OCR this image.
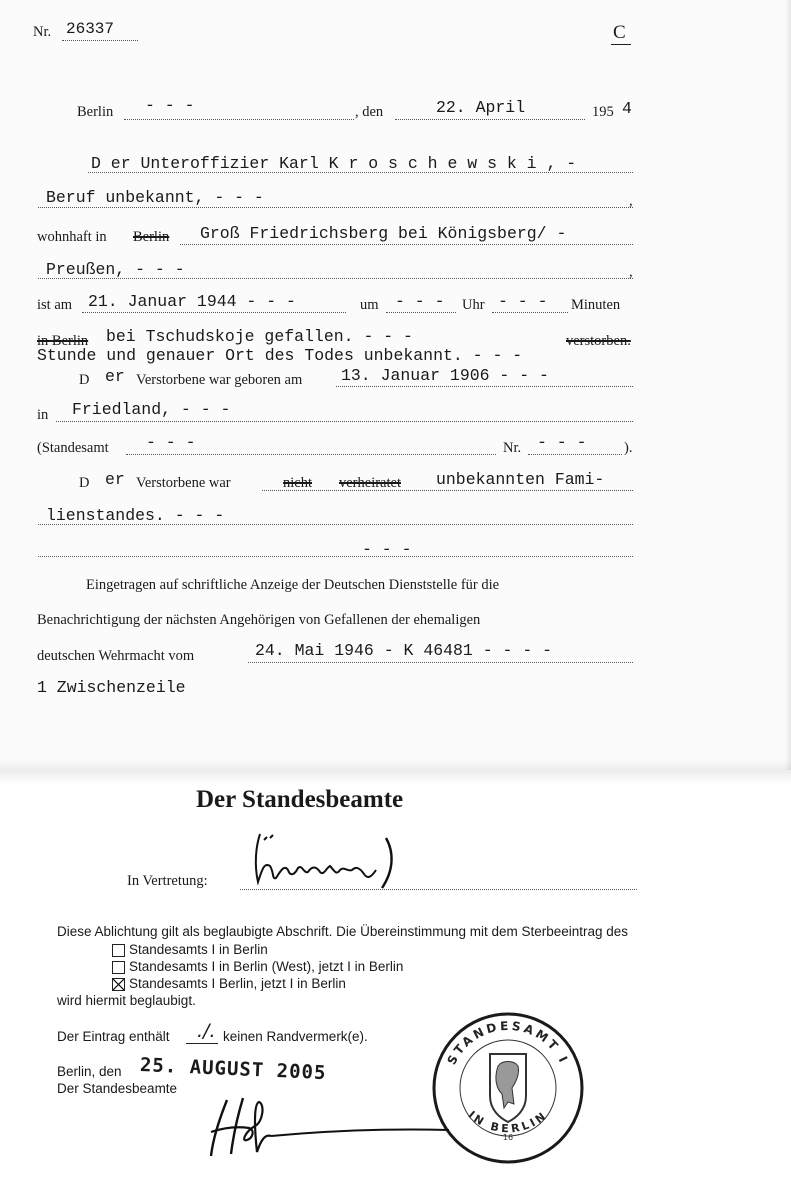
Nr. 26337	C
Berlin - - -	, den	22. April	195 4
D er Unteroffizier Karl K r o s c h e w s k i , -
Beruf unbekannt, - - -	,
wohnhaft in Berlin Groß Friedrichsberg bei Königsberg/ -
Preußen, - - -	,
ist am 21. Januar 1944 - - -	um - - - Uhr - - - Minuten
in Berlin bei Tschudskoje gefallen. - - -	verstorben.
Stunde und genauer Ort des Todes unbekannt. - - -
D er Verstorbene war geboren am 13. Januar 1906 - - -
in Friedland, - - -
(Standesamt - - -	Nr. - - -	).
D er Verstorbene war	nicht verheiratet unbekannten Fami-
lienstandes. - - -
- - -
Eingetragen auf schriftliche Anzeige der Deutschen Dienststelle für die
Benachrichtigung der nächsten Angehörigen von Gefallenen der ehemaligen
deutschen Wehrmacht vom	24. Mai 1946 - K 46481 - - - -
1 Zwischenzeile
Der Standesbeamte
In Vertretung:
Diese Ablichtung gilt als beglaubigte Abschrift. Die Übereinstimmung mit dem Sterbeeintrag des
Standesamts I in Berlin
Standesamts I in Berlin (West), jetzt I in Berlin
Standesamts I Berlin, jetzt I in Berlin
wird hiermit beglaubigt.
Der Eintrag enthält ./. keinen Randvermerk(e).
Berlin, den 25. AUGUST 2005
Der Standesbeamte
STANDESAMT I
IN BERLIN
16
